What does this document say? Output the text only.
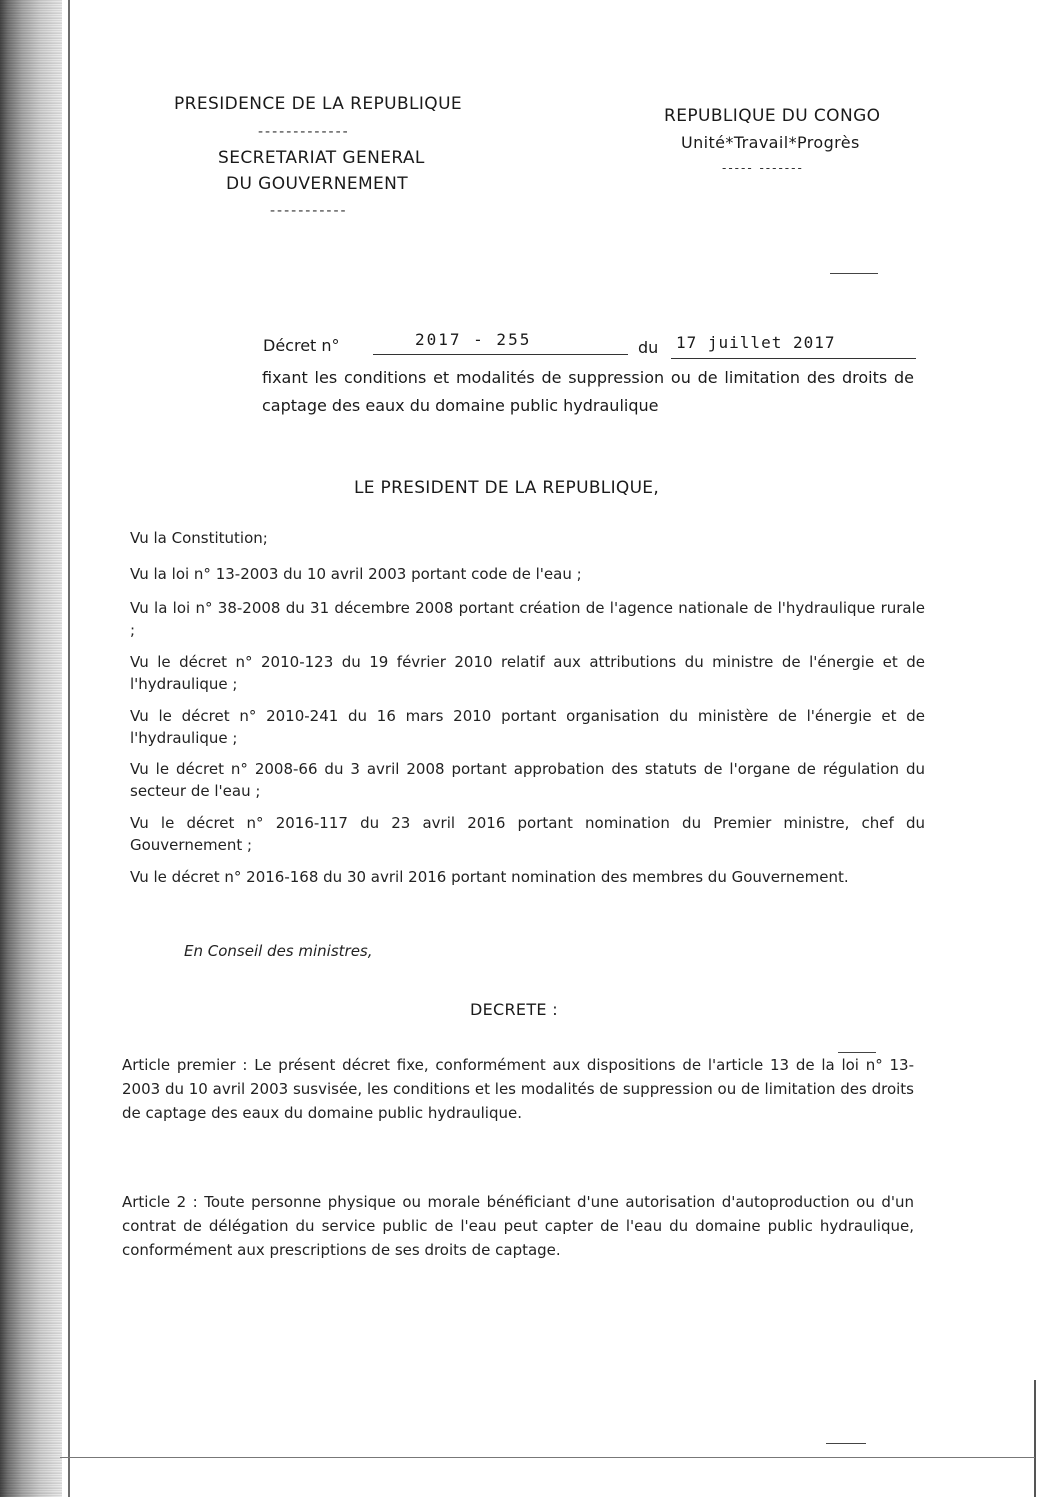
PRESIDENCE DE LA REPUBLIQUE
-------------
SECRETARIAT GENERAL
DU GOUVERNEMENT
-----------
REPUBLIQUE DU CONGO
Unité*Travail*Progrès
----- -------
Décret n°	2017 - 255	du 17 juillet 2017
fixant les conditions et modalités de suppression ou de limitation des droits de captage des eaux du domaine public hydraulique
LE PRESIDENT DE LA REPUBLIQUE,
Vu la Constitution;
Vu la loi n° 13-2003 du 10 avril 2003 portant code de l'eau ;
Vu la loi n° 38-2008 du 31 décembre 2008 portant création de l'agence nationale de l'hydraulique rurale ;
Vu le décret n° 2010-123 du 19 février 2010 relatif aux attributions du ministre de l'énergie et de l'hydraulique ;
Vu le décret n° 2010-241 du 16 mars 2010 portant organisation du ministère de l'énergie et de l'hydraulique ;
Vu le décret n° 2008-66 du 3 avril 2008 portant approbation des statuts de l'organe de régulation du secteur de l'eau ;
Vu le décret n° 2016-117 du 23 avril 2016 portant nomination du Premier ministre, chef du Gouvernement ;
Vu le décret n° 2016-168 du 30 avril 2016 portant nomination des membres du Gouvernement.
En Conseil des ministres,
DECRETE :
Article premier : Le présent décret fixe, conformément aux dispositions de l'article 13 de la loi n° 13-2003 du 10 avril 2003 susvisée, les conditions et les modalités de suppression ou de limitation des droits de captage des eaux du domaine public hydraulique.
Article 2 : Toute personne physique ou morale bénéficiant d'une autorisation d'autoproduction ou d'un contrat de délégation du service public de l'eau peut capter de l'eau du domaine public hydraulique, conformément aux prescriptions de ses droits de captage.
